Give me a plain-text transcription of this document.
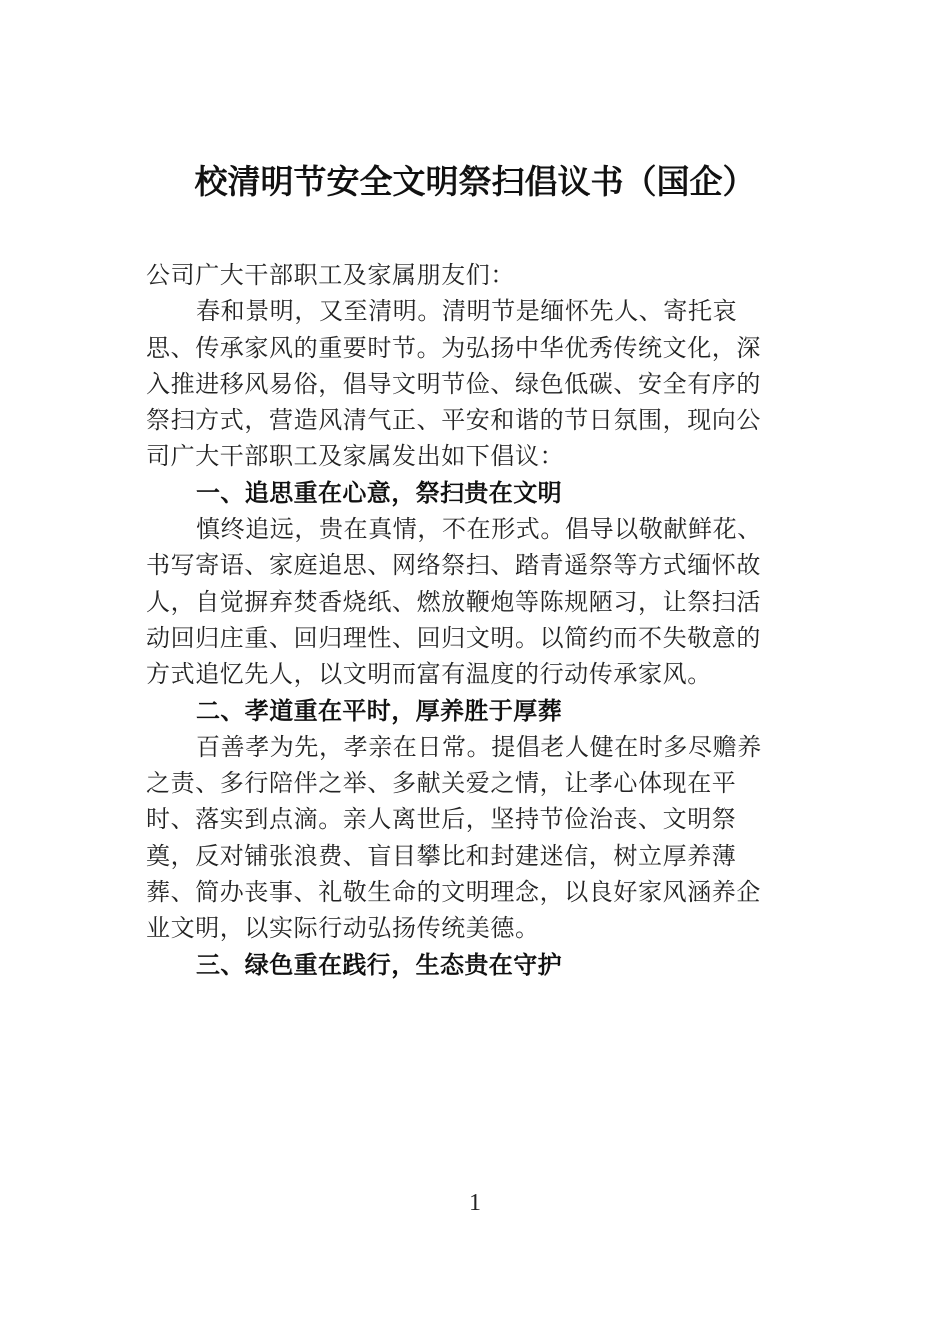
校清明节安全文明祭扫倡议书（国企）
公司广大干部职工及家属朋友们：
春和景明，又至清明。清明节是缅怀先人、寄托哀
思、传承家风的重要时节。为弘扬中华优秀传统文化，深
入推进移风易俗，倡导文明节俭、绿色低碳、安全有序的
祭扫方式，营造风清气正、平安和谐的节日氛围，现向公
司广大干部职工及家属发出如下倡议：
一、追思重在心意，祭扫贵在文明
慎终追远，贵在真情，不在形式。倡导以敬献鲜花、
书写寄语、家庭追思、网络祭扫、踏青遥祭等方式缅怀故
人，自觉摒弃焚香烧纸、燃放鞭炮等陈规陋习，让祭扫活
动回归庄重、回归理性、回归文明。以简约而不失敬意的
方式追忆先人，以文明而富有温度的行动传承家风。
二、孝道重在平时，厚养胜于厚葬
百善孝为先，孝亲在日常。提倡老人健在时多尽赡养
之责、多行陪伴之举、多献关爱之情，让孝心体现在平
时、落实到点滴。亲人离世后，坚持节俭治丧、文明祭
奠，反对铺张浪费、盲目攀比和封建迷信，树立厚养薄
葬、简办丧事、礼敬生命的文明理念，以良好家风涵养企
业文明，以实际行动弘扬传统美德。
三、绿色重在践行，生态贵在守护
1
